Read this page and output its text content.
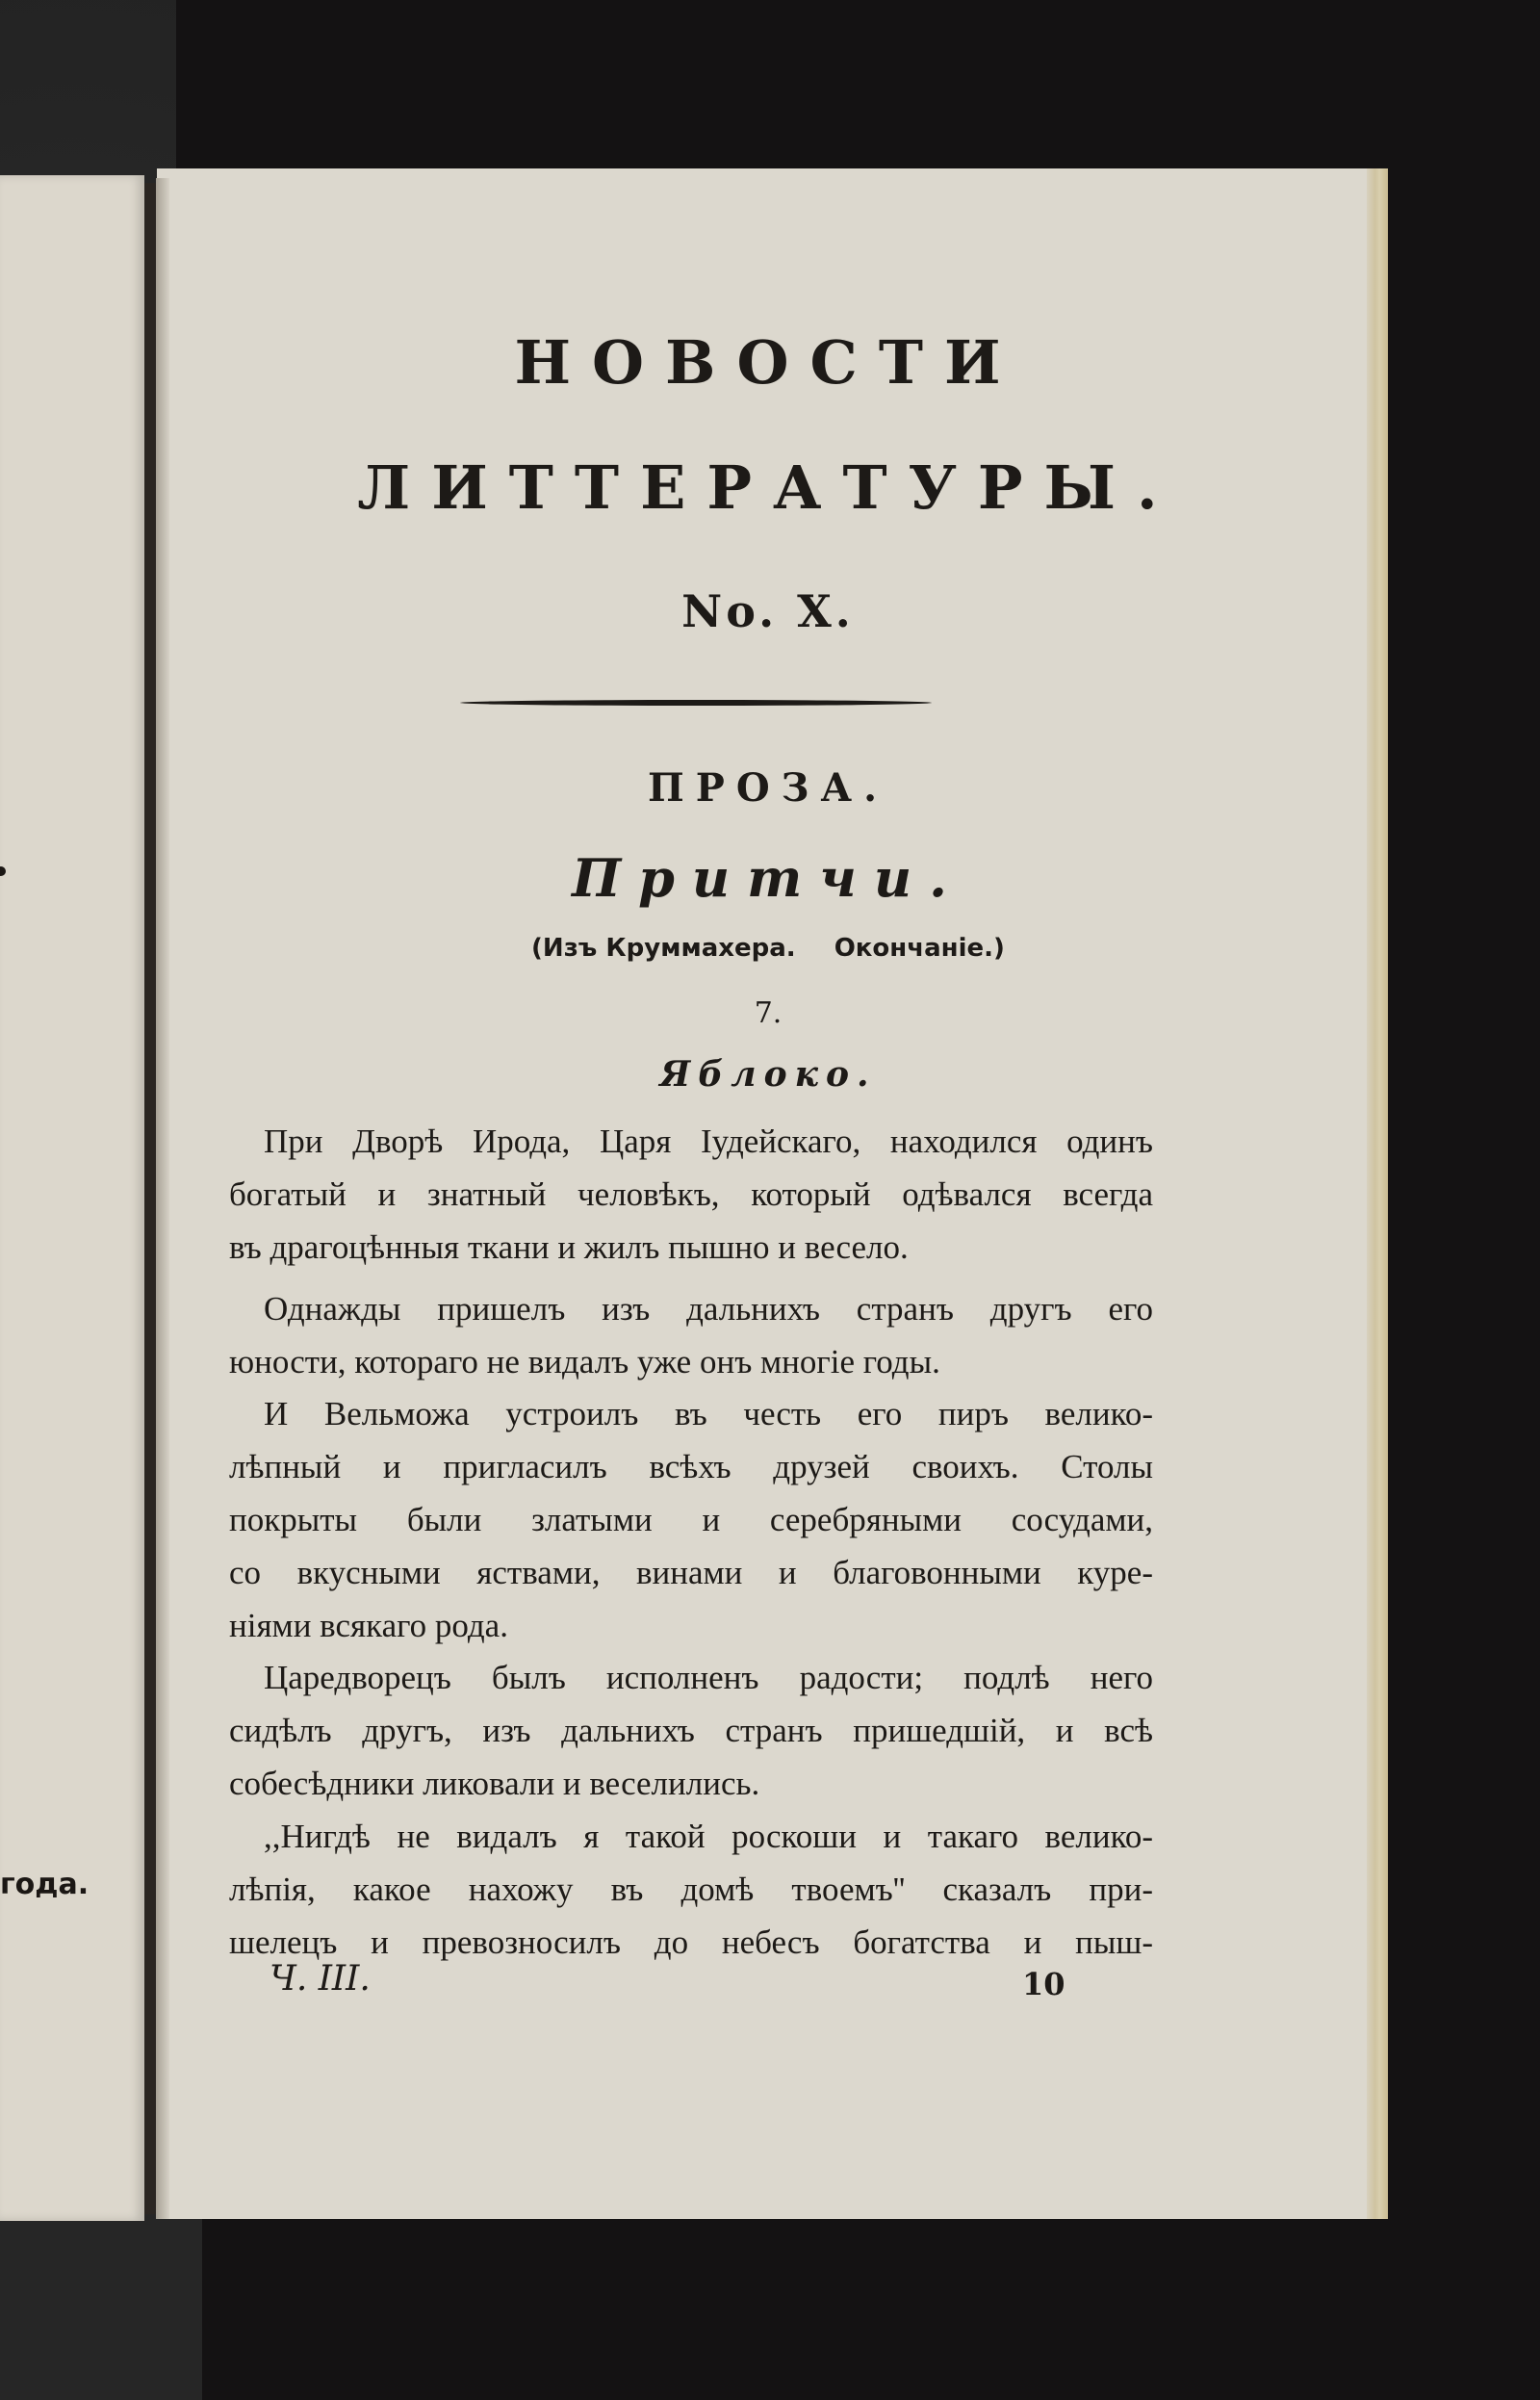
года.
НОВОСТИ
ЛИТТЕРАТУРЫ.
No. X.
ПРОЗА.
Притчи.
(Изъ Круммахера. Окончаніе.)
7.
Яблоко.
При Дворѣ Ирода, Царя Іудейскаго, находился одинъ
богатый и знатный человѣкъ, который одѣвался всегда
въ драгоцѣнныя ткани и жилъ пышно и весело.
Однажды пришелъ изъ дальнихъ странъ другъ его
юности, котораго не видалъ уже онъ многіе годы.
И Вельможа устроилъ въ честь его пиръ велико-
лѣпный и пригласилъ всѣхъ друзей своихъ. Столы
покрыты были златыми и серебряными сосудами,
со вкусными яствами, винами и благовонными куре-
ніями всякаго рода.
Царедворецъ былъ исполненъ радости; подлѣ него
сидѣлъ другъ, изъ дальнихъ странъ пришедшій, и всѣ
собесѣдники ликовали и веселились.
,,Нигдѣ не видалъ я такой роскоши и такаго велико-
лѣпія, какое нахожу въ домѣ твоемъ'' сказалъ при-
шелецъ и превозносилъ до небесъ богатства и пыш-
Ч. III.	10
